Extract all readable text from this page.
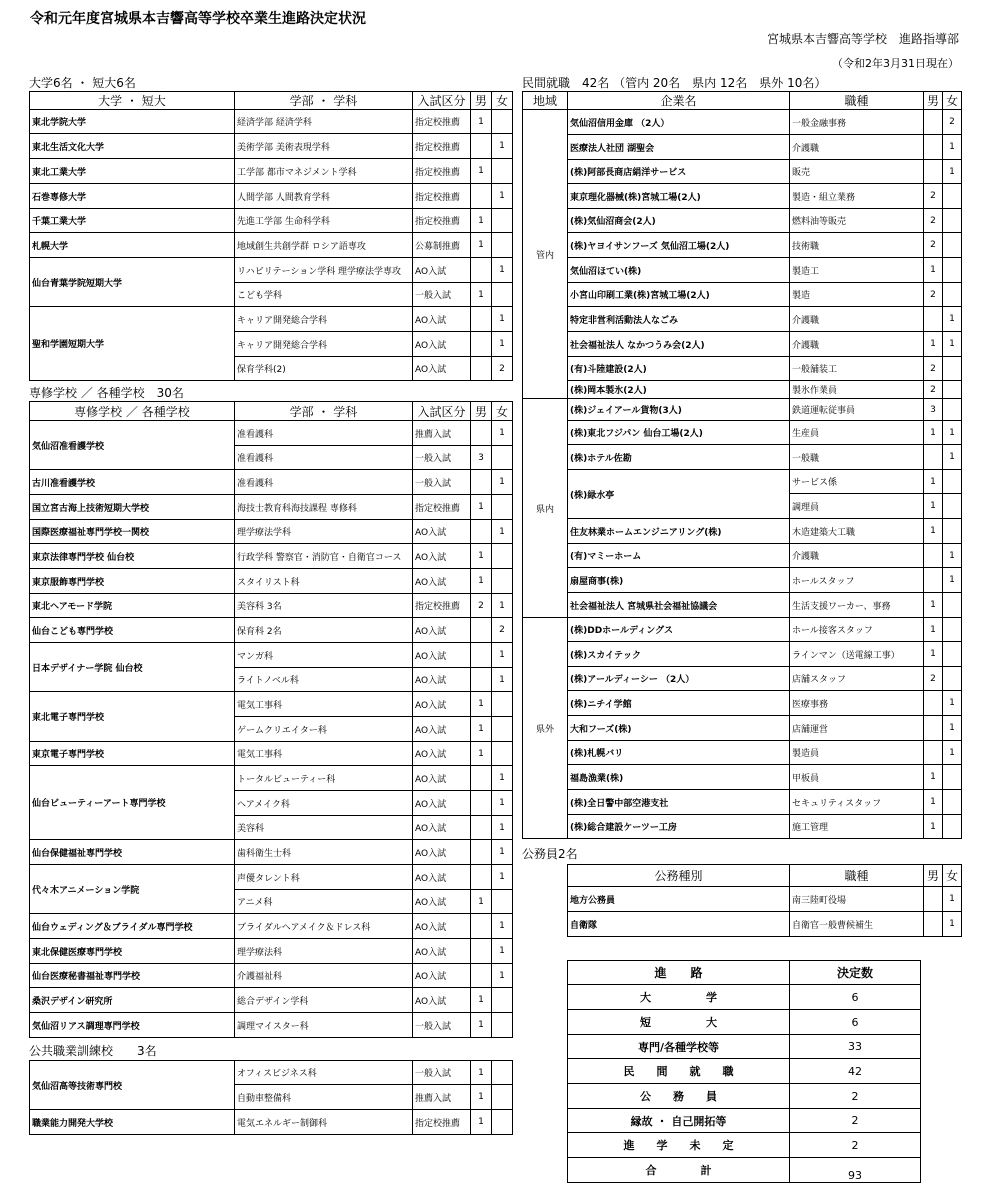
令和元年度宮城県本吉響高等学校卒業生進路決定状況
宮城県本吉響高等学校　進路指導部
（令和2年3月31日現在）
大学6名 ・ 短大6名
大学 ・ 短大	学部 ・ 学科	入試区分	男	女
東北学院大学	経済学部 経済学科	指定校推薦	1	
東北生活文化大学	美術学部 美術表現学科	指定校推薦		1
東北工業大学	工学部 都市マネジメント学科	指定校推薦	1	
石巻専修大学	人間学部 人間教育学科	指定校推薦		1
千葉工業大学	先進工学部 生命科学科	指定校推薦	1	
札幌大学	地域創生共創学群 ロシア語専攻	公募制推薦	1	
仙台青葉学院短期大学	リハビリテーション学科 理学療法学専攻	AO入試		1
	こども学科	一般入試	1	
聖和学園短期大学	キャリア開発総合学科	AO入試		1
	キャリア開発総合学科	AO入試		1
	保育学科(2)	AO入試		2
専修学校 ／ 各種学校　30名
専修学校 ／ 各種学校	学部 ・ 学科	入試区分	男	女
気仙沼准看護学校	准看護科	推薦入試		1
	准看護科	一般入試	3	
古川准看護学校	准看護科	一般入試		1
国立宮古海上技術短期大学校	海技士教育科海技課程 専修科	指定校推薦	1	
国際医療福祉専門学校一関校	理学療法学科	AO入試		1
東京法律専門学校 仙台校	行政学科 警察官・消防官・自衛官コース	AO入試	1	
東京服飾専門学校	スタイリスト科	AO入試	1	
東北ヘアモード学院	美容科 3名	指定校推薦	2	1
仙台こども専門学校	保育科 2名	AO入試		2
日本デザイナー学院 仙台校	マンガ科	AO入試		1
	ライトノベル科	AO入試		1
東北電子専門学校	電気工事科	AO入試	1	
	ゲームクリエイター科	AO入試	1	
東京電子専門学校	電気工事科	AO入試	1	
仙台ビューティーアート専門学校	トータルビューティー科	AO入試		1
	ヘアメイク科	AO入試		1
	美容科	AO入試		1
仙台保健福祉専門学校	歯科衛生士科	AO入試		1
代々木アニメーション学院	声優タレント科	AO入試		1
	アニメ科	AO入試	1	
仙台ウェディング＆ブライダル専門学校	ブライダルヘアメイク＆ドレス科	AO入試		1
東北保健医療専門学校	理学療法科	AO入試		1
仙台医療秘書福祉専門学校	介護福祉科	AO入試		1
桑沢デザイン研究所	総合デザイン学科	AO入試	1	
気仙沼リアス調理専門学校	調理マイスター科	一般入試	1	
公共職業訓練校　　3名
気仙沼高等技術専門校	オフィスビジネス科	一般入試	1	
	自動車整備科	推薦入試	1	
職業能力開発大学校	電気エネルギー制御科	指定校推薦	1	
民間就職　42名 （管内 20名　県内 12名　県外 10名）
地域	企業名	職種	男	女
管内	気仙沼信用金庫 （2人）	一般金融事務		2
	医療法人社団 湖聖会	介護職		1
	(株)阿部長商店絹洋サービス	販売		1
	東京理化器械(株)宮城工場(2人)	製造・組立業務	2	
	(株)気仙沼商会(2人)	燃料油等販売	2	
	(株)ヤヨイサンフーズ 気仙沼工場(2人)	技術職	2	
	気仙沼ほてい(株)	製造工	1	
	小宮山印刷工業(株)宮城工場(2人)	製造	2	
	特定非営利活動法人なごみ	介護職		1
	社会福祉法人 なかつうみ会(2人)	介護職	1	1
	(有)斗陸建設(2人)	一般舗装工	2	
	(株)岡本製氷(2人)	製氷作業員	2	
県内	(株)ジェイアール貨物(3人)	鉄道運転従事員	3	
	(株)東北フジパン 仙台工場(2人)	生産員	1	1
	(株)ホテル佐勘	一般職		1
	(株)緑水亭	サービス係	1	
		調理員	1	
	住友林業ホームエンジニアリング(株)	木造建築大工職	1	
	(有)マミーホーム	介護職		1
	扇屋商事(株)	ホールスタッフ		1
	社会福祉法人 宮城県社会福祉協議会	生活支援ワーカー、事務	1	
県外	(株)DDホールディングス	ホール接客スタッフ	1	
	(株)スカイテック	ラインマン（送電線工事）	1	
	(株)アールディーシー （2人）	店舗スタッフ	2	
	(株)ニチイ学館	医療事務		1
	大和フーズ(株)	店舗運営		1
	(株)札幌バリ	製造員		1
	福島漁業(株)	甲板員	1	
	(株)全日警中部空港支社	セキュリティスタッフ	1	
	(株)総合建設ケーツー工房	施工管理	1	
公務員2名
公務種別	職種	男	女
地方公務員	南三陸町役場		1
自衛隊	自衛官一般曹候補生		1
進　　路	決定数
大　　　　　学	6
短　　　　　大	6
専門/各種学校等	33
民　　間　　就　　職	42
公　　務　　員	2
縁故 ・ 自己開拓等	2
進　　学　　未　　定	2
合　　　　計	93
